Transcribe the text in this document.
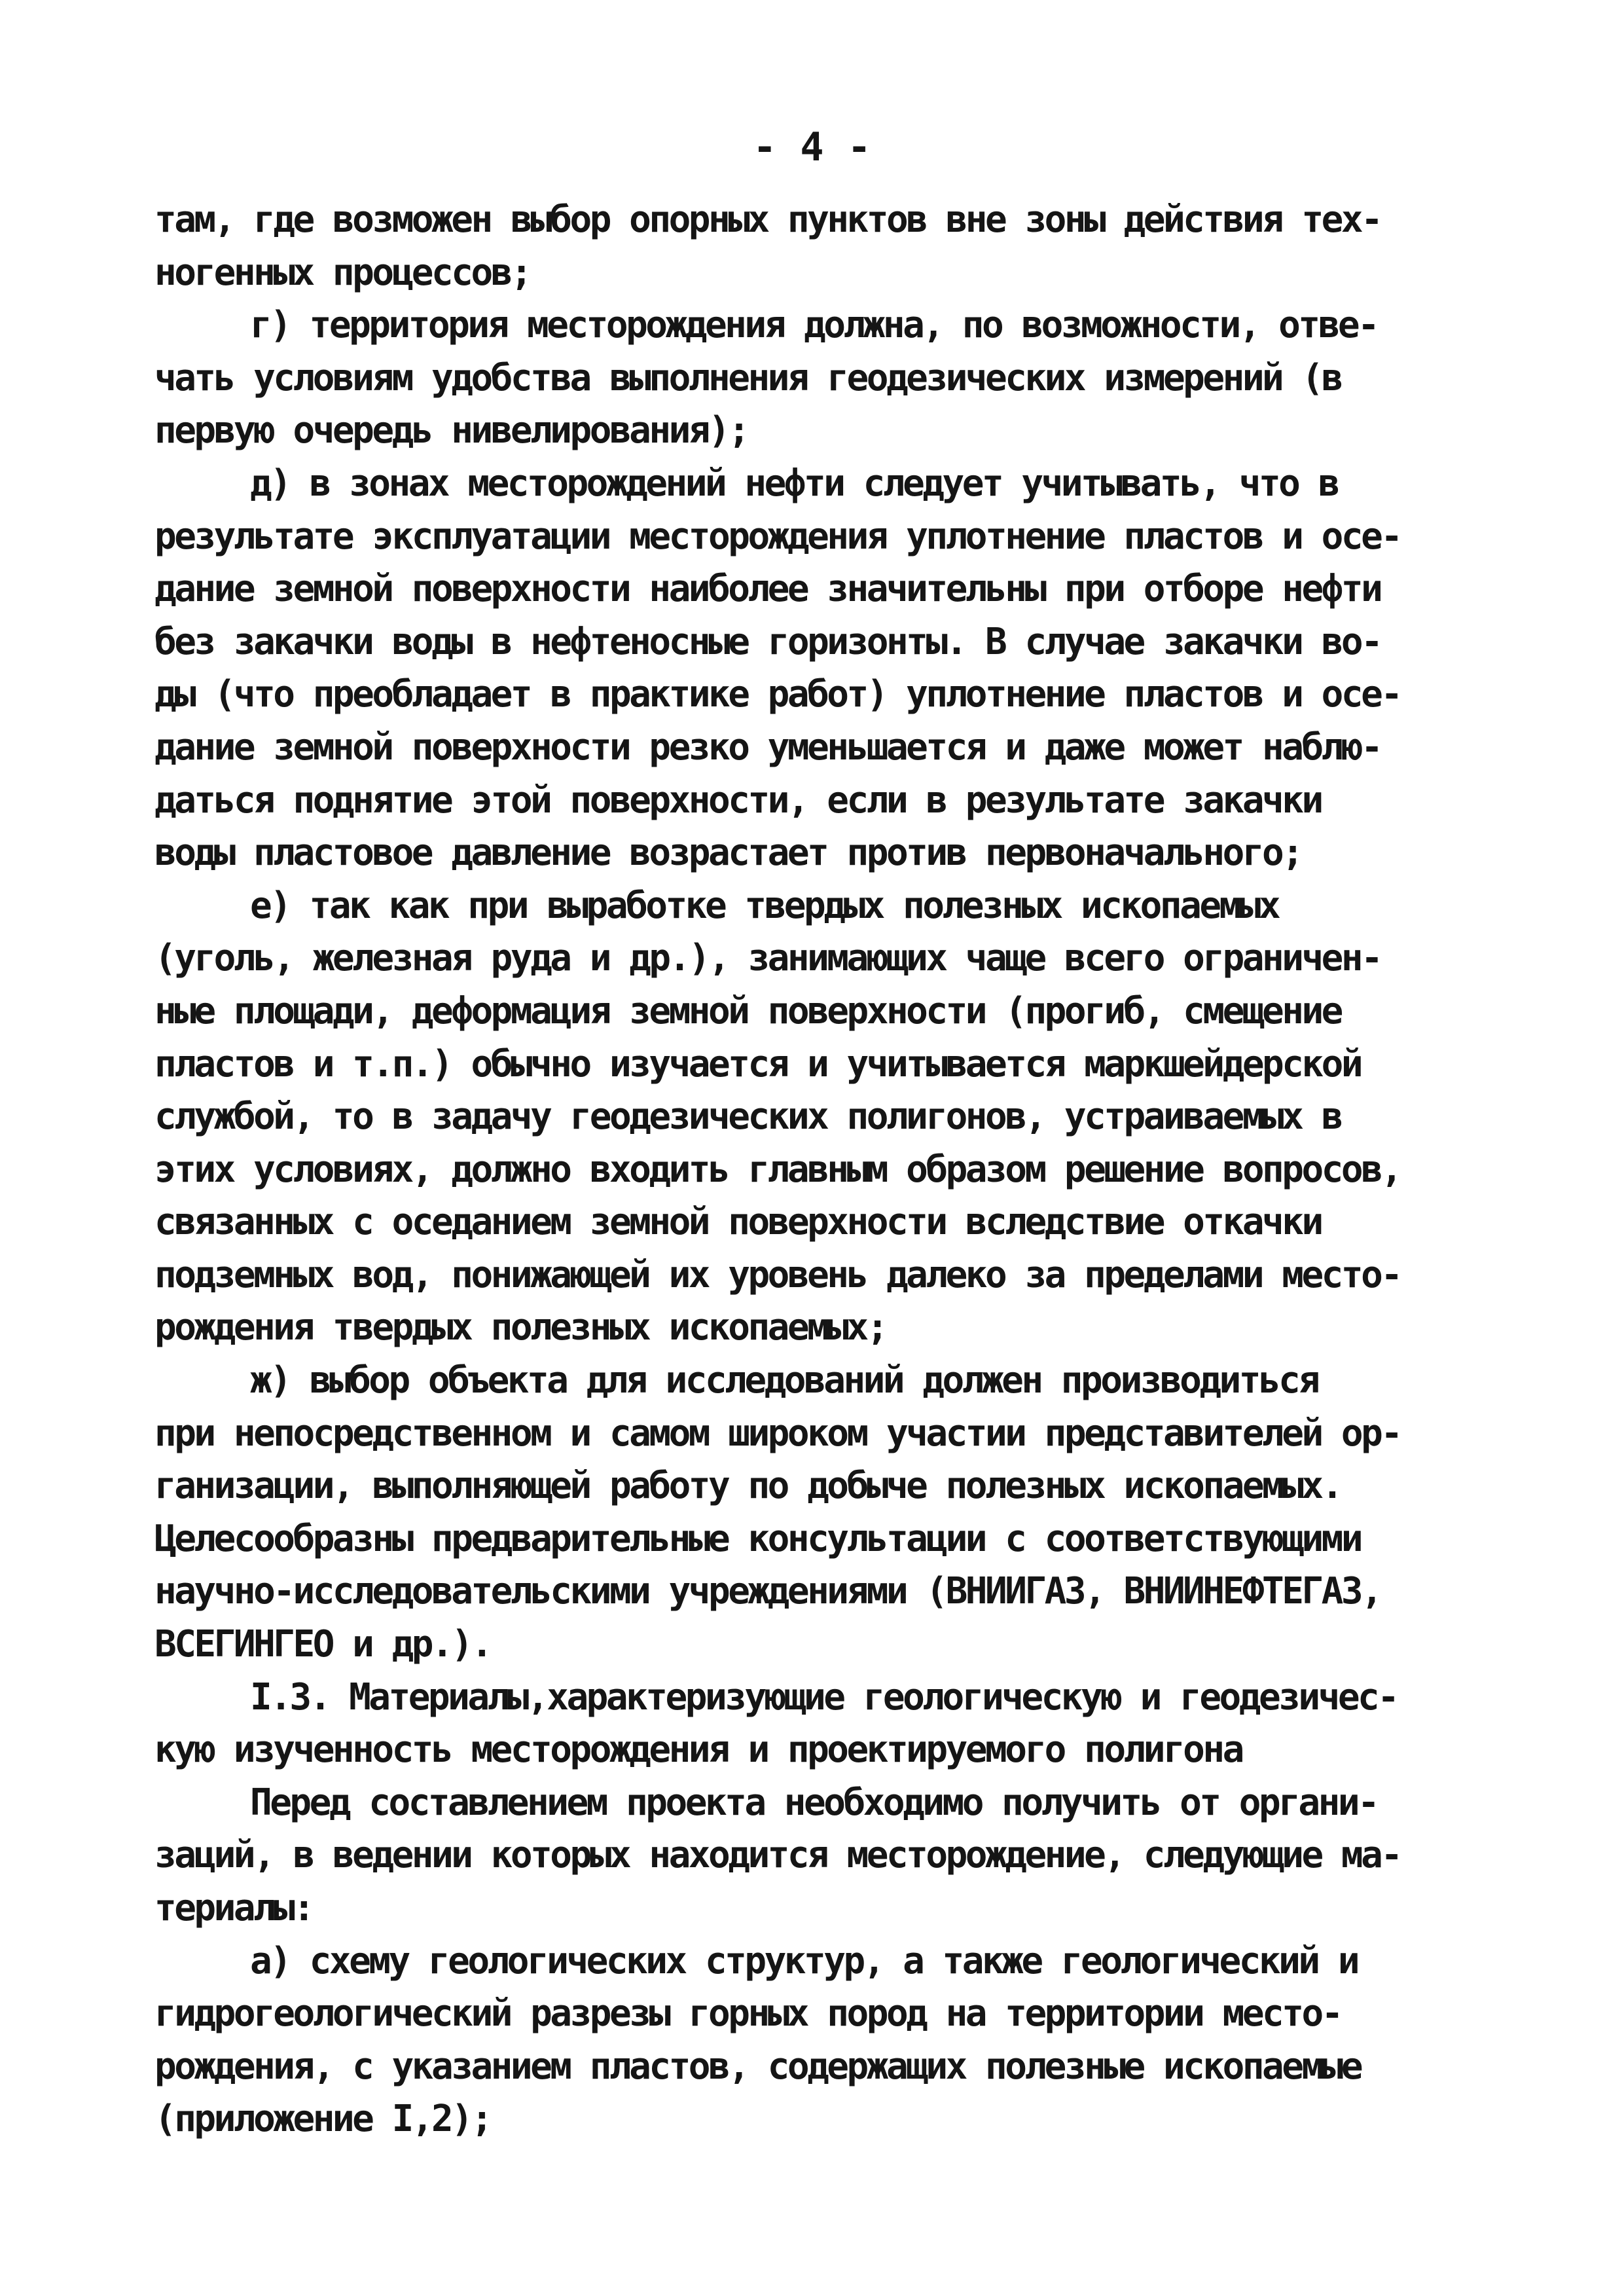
- 4 -
там, где возможен выбор опорных пунктов вне зоны действия тех-
ногенных процессов;
г) территория месторождения должна, по возможности, отве-
чать условиям удобства выполнения геодезических измерений (в
первую очередь нивелирования);
д) в зонах месторождений нефти следует учитывать, что в
результате эксплуатации месторождения уплотнение пластов и осе-
дание земной поверхности наиболее значительны при отборе нефти
без закачки воды в нефтеносные горизонты. В случае закачки во-
ды (что преобладает в практике работ) уплотнение пластов и осе-
дание земной поверхности резко уменьшается и даже может наблю-
даться поднятие этой поверхности, если в результате закачки
воды пластовое давление возрастает против первоначального;
е) так как при выработке твердых полезных ископаемых
(уголь, железная руда и др.), занимающих чаще всего ограничен-
ные площади, деформация земной поверхности (прогиб, смещение
пластов и т.п.) обычно изучается и учитывается маркшейдерской
службой, то в задачу геодезических полигонов, устраиваемых в
этих условиях, должно входить главным образом решение вопросов,
связанных с оседанием земной поверхности вследствие откачки
подземных вод, понижающей их уровень далеко за пределами место-
рождения твердых полезных ископаемых;
ж) выбор объекта для исследований должен производиться
при непосредственном и самом широком участии представителей ор-
ганизации, выполняющей работу по добыче полезных ископаемых.
Целесообразны предварительные консультации с соответствующими
научно-исследовательскими учреждениями (ВНИИГАЗ, ВНИИНЕФТЕГАЗ,
ВСЕГИНГЕО и др.).
I.3. Материалы,характеризующие геологическую и геодезичес-
кую изученность месторождения и проектируемого полигона
Перед составлением проекта необходимо получить от органи-
заций, в ведении которых находится месторождение, следующие ма-
териалы:
а) схему геологических структур, а также геологический и
гидрогеологический разрезы горных пород на территории место-
рождения, с указанием пластов, содержащих полезные ископаемые
(приложение I,2);
